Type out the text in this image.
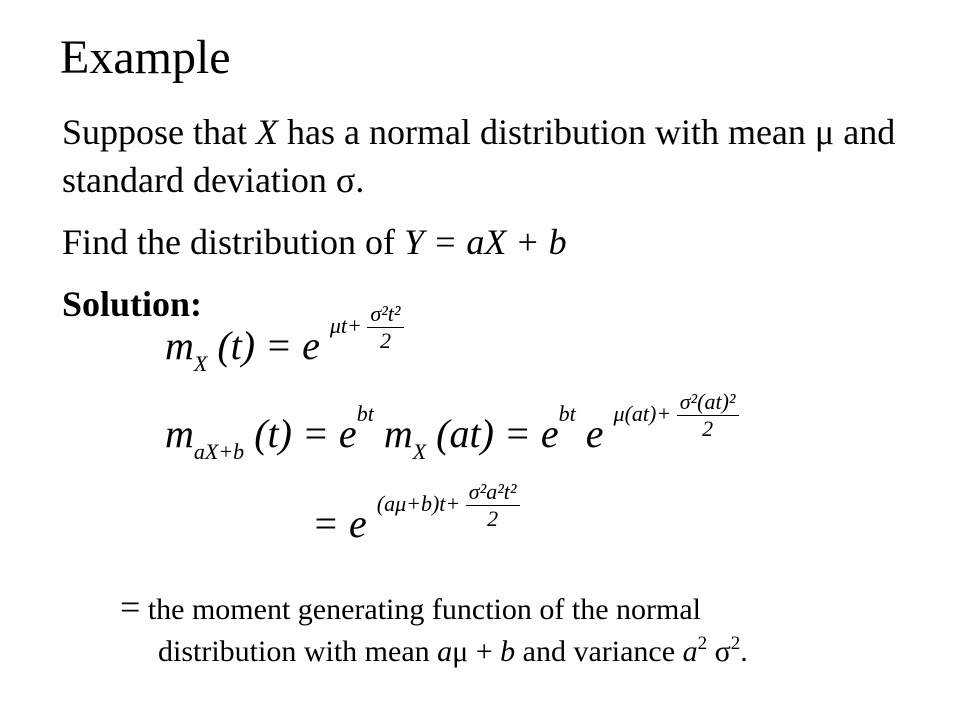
Example
Suppose that X has a normal distribution with mean μ and standard deviation σ.
Find the distribution of Y = aX + b
Solution:
$m_X$ (t) = e $^{\mu t+ \frac{\text{σ²t²}}{2}}$
$m_{aX+b}$ $(t) = e^{bt}$ $m_X$ $(at) = e^{bt}$ e $^{\mu(at)+ \frac{\text{σ²(at)²}}{2}}$
= e $^{(a\mu+b)t+ \frac{\text{σ²a²t²}}{2}}$
= the moment generating function of the normal
distribution with mean aμ + b and variance $a^2$ $\sigma^2$.
